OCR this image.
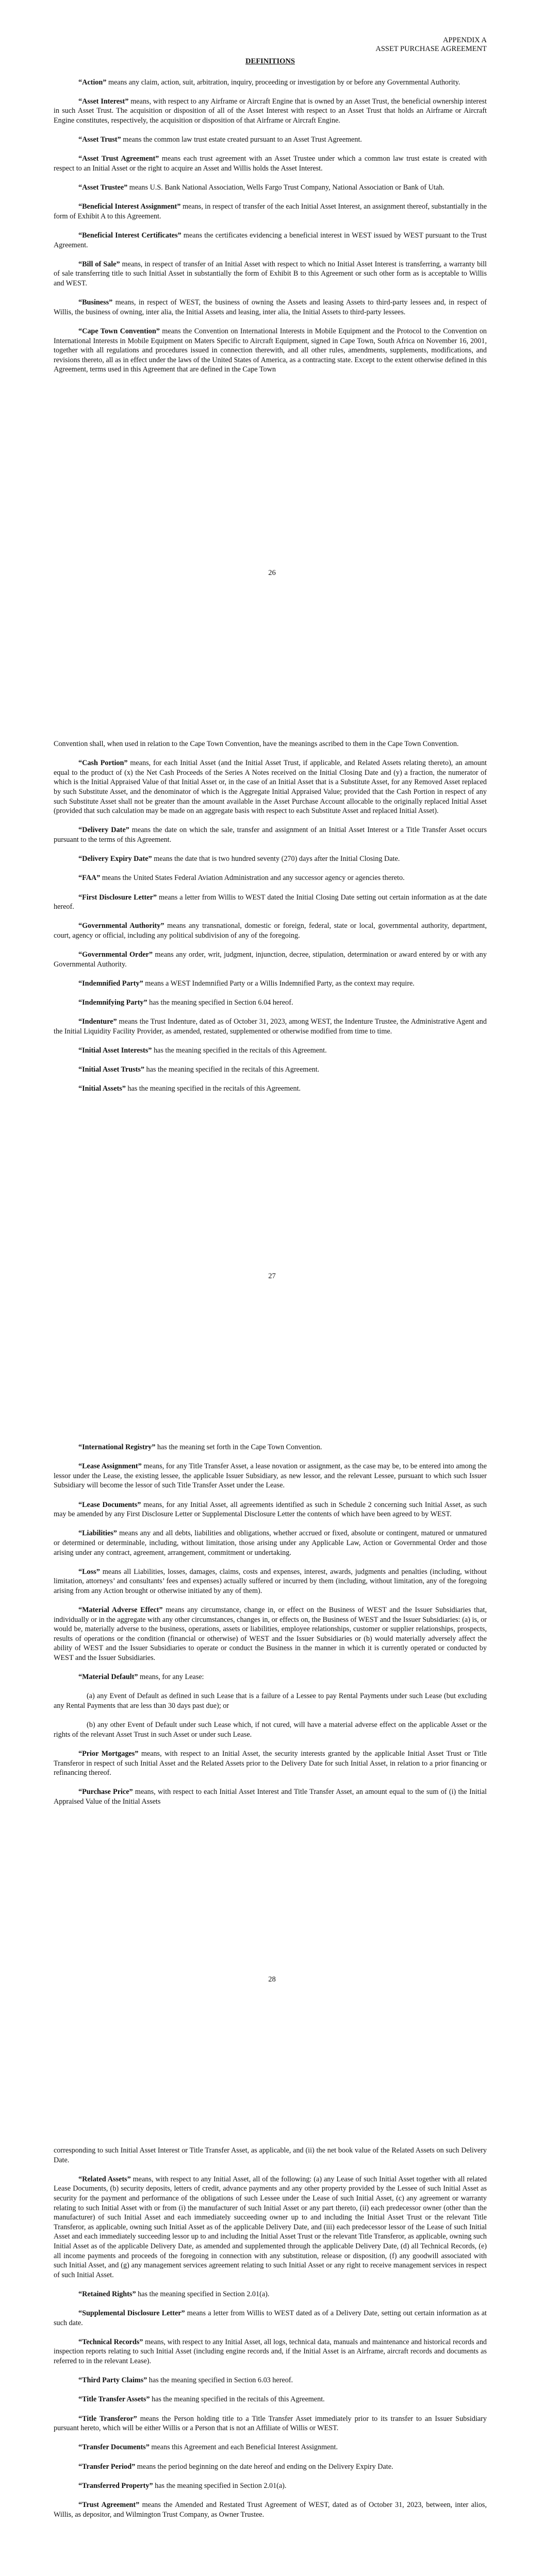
APPENDIX A
ASSET PURCHASE AGREEMENT
DEFINITIONS

“Action” means any claim, action, suit, arbitration, inquiry, proceeding or investigation by or before any Governmental Authority.

“Asset Interest” means, with respect to any Airframe or Aircraft Engine that is owned by an Asset Trust, the beneficial ownership interest in such Asset Trust. The acquisition or disposition of all of the Asset Interest with respect to an Asset Trust that holds an Airframe or Aircraft Engine constitutes, respectively, the acquisition or disposition of that Airframe or Aircraft Engine.

“Asset Trust” means the common law trust estate created pursuant to an Asset Trust Agreement.

“Asset Trust Agreement” means each trust agreement with an Asset Trustee under which a common law trust estate is created with respect to an Initial Asset or the right to acquire an Asset and Willis holds the Asset Interest.

“Asset Trustee” means U.S. Bank National Association, Wells Fargo Trust Company, National Association or Bank of Utah.

“Beneficial Interest Assignment” means, in respect of transfer of the each Initial Asset Interest, an assignment thereof, substantially in the form of Exhibit A to this Agreement.

“Beneficial Interest Certificates” means the certificates evidencing a beneficial interest in WEST issued by WEST pursuant to the Trust Agreement.

“Bill of Sale” means, in respect of transfer of an Initial Asset with respect to which no Initial Asset Interest is transferring, a warranty bill of sale transferring title to such Initial Asset in substantially the form of Exhibit B to this Agreement or such other form as is acceptable to Willis and WEST.

“Business” means, in respect of WEST, the business of owning the Assets and leasing Assets to third-party lessees and, in respect of Willis, the business of owning, inter alia, the Initial Assets and leasing, inter alia, the Initial Assets to third-party lessees.

“Cape Town Convention” means the Convention on International Interests in Mobile Equipment and the Protocol to the Convention on International Interests in Mobile Equipment on Maters Specific to Aircraft Equipment, signed in Cape Town, South Africa on November 16, 2001, together with all regulations and procedures issued in connection therewith, and all other rules, amendments, supplements, modifications, and revisions thereto, all as in effect under the laws of the United States of America, as a contracting state. Except to the extent otherwise defined in this Agreement, terms used in this Agreement that are defined in the Cape Town

26

Convention shall, when used in relation to the Cape Town Convention, have the meanings ascribed to them in the Cape Town Convention.

“Cash Portion” means, for each Initial Asset (and the Initial Asset Trust, if applicable, and Related Assets relating thereto), an amount equal to the product of (x) the Net Cash Proceeds of the Series A Notes received on the Initial Closing Date and (y) a fraction, the numerator of which is the Initial Appraised Value of that Initial Asset or, in the case of an Initial Asset that is a Substitute Asset, for any Removed Asset replaced by such Substitute Asset, and the denominator of which is the Aggregate Initial Appraised Value; provided that the Cash Portion in respect of any such Substitute Asset shall not be greater than the amount available in the Asset Purchase Account allocable to the originally replaced Initial Asset (provided that such calculation may be made on an aggregate basis with respect to each Substitute Asset and replaced Initial Asset).

“Delivery Date” means the date on which the sale, transfer and assignment of an Initial Asset Interest or a Title Transfer Asset occurs pursuant to the terms of this Agreement.

“Delivery Expiry Date” means the date that is two hundred seventy (270) days after the Initial Closing Date.

“FAA” means the United States Federal Aviation Administration and any successor agency or agencies thereto.

“First Disclosure Letter” means a letter from Willis to WEST dated the Initial Closing Date setting out certain information as at the date hereof.

“Governmental Authority” means any transnational, domestic or foreign, federal, state or local, governmental authority, department, court, agency or official, including any political subdivision of any of the foregoing.

“Governmental Order” means any order, writ, judgment, injunction, decree, stipulation, determination or award entered by or with any Governmental Authority.

“Indemnified Party” means a WEST Indemnified Party or a Willis Indemnified Party, as the context may require.

“Indemnifying Party” has the meaning specified in Section 6.04 hereof.

“Indenture” means the Trust Indenture, dated as of October 31, 2023, among WEST, the Indenture Trustee, the Administrative Agent and the Initial Liquidity Facility Provider, as amended, restated, supplemented or otherwise modified from time to time.

“Initial Asset Interests” has the meaning specified in the recitals of this Agreement.

“Initial Asset Trusts” has the meaning specified in the recitals of this Agreement.

“Initial Assets” has the meaning specified in the recitals of this Agreement.

27

“International Registry” has the meaning set forth in the Cape Town Convention.

“Lease Assignment” means, for any Title Transfer Asset, a lease novation or assignment, as the case may be, to be entered into among the lessor under the Lease, the existing lessee, the applicable Issuer Subsidiary, as new lessor, and the relevant Lessee, pursuant to which such Issuer Subsidiary will become the lessor of such Title Transfer Asset under the Lease.

“Lease Documents” means, for any Initial Asset, all agreements identified as such in Schedule 2 concerning such Initial Asset, as such may be amended by any First Disclosure Letter or Supplemental Disclosure Letter the contents of which have been agreed to by WEST.

“Liabilities” means any and all debts, liabilities and obligations, whether accrued or fixed, absolute or contingent, matured or unmatured or determined or determinable, including, without limitation, those arising under any Applicable Law, Action or Governmental Order and those arising under any contract, agreement, arrangement, commitment or undertaking.

“Loss” means all Liabilities, losses, damages, claims, costs and expenses, interest, awards, judgments and penalties (including, without limitation, attorneys’ and consultants’ fees and expenses) actually suffered or incurred by them (including, without limitation, any of the foregoing arising from any Action brought or otherwise initiated by any of them).

“Material Adverse Effect” means any circumstance, change in, or effect on the Business of WEST and the Issuer Subsidiaries that, individually or in the aggregate with any other circumstances, changes in, or effects on, the Business of WEST and the Issuer Subsidiaries: (a) is, or would be, materially adverse to the business, operations, assets or liabilities, employee relationships, customer or supplier relationships, prospects, results of operations or the condition (financial or otherwise) of WEST and the Issuer Subsidiaries or (b) would materially adversely affect the ability of WEST and the Issuer Subsidiaries to operate or conduct the Business in the manner in which it is currently operated or conducted by WEST and the Issuer Subsidiaries.

“Material Default” means, for any Lease:

(a) any Event of Default as defined in such Lease that is a failure of a Lessee to pay Rental Payments under such Lease (but excluding any Rental Payments that are less than 30 days past due); or

(b) any other Event of Default under such Lease which, if not cured, will have a material adverse effect on the applicable Asset or the rights of the relevant Asset Trust in such Asset or under such Lease.

“Prior Mortgages” means, with respect to an Initial Asset, the security interests granted by the applicable Initial Asset Trust or Title Transferor in respect of such Initial Asset and the Related Assets prior to the Delivery Date for such Initial Asset, in relation to a prior financing or refinancing thereof.

“Purchase Price” means, with respect to each Initial Asset Interest and Title Transfer Asset, an amount equal to the sum of (i) the Initial Appraised Value of the Initial Assets

28

corresponding to such Initial Asset Interest or Title Transfer Asset, as applicable, and (ii) the net book value of the Related Assets on such Delivery Date.

“Related Assets” means, with respect to any Initial Asset, all of the following: (a) any Lease of such Initial Asset together with all related Lease Documents, (b) security deposits, letters of credit, advance payments and any other property provided by the Lessee of such Initial Asset as security for the payment and performance of the obligations of such Lessee under the Lease of such Initial Asset, (c) any agreement or warranty relating to such Initial Asset with or from (i) the manufacturer of such Initial Asset or any part thereto, (ii) each predecessor owner (other than the manufacturer) of such Initial Asset and each immediately succeeding owner up to and including the Initial Asset Trust or the relevant Title Transferor, as applicable, owning such Initial Asset as of the applicable Delivery Date, and (iii) each predecessor lessor of the Lease of such Initial Asset and each immediately succeeding lessor up to and including the Initial Asset Trust or the relevant Title Transferor, as applicable, owning such Initial Asset as of the applicable Delivery Date, as amended and supplemented through the applicable Delivery Date, (d) all Technical Records, (e) all income payments and proceeds of the foregoing in connection with any substitution, release or disposition, (f) any goodwill associated with such Initial Asset, and (g) any management services agreement relating to such Initial Asset or any right to receive management services in respect of such Initial Asset.

“Retained Rights” has the meaning specified in Section 2.01(a).

“Supplemental Disclosure Letter” means a letter from Willis to WEST dated as of a Delivery Date, setting out certain information as at such date.

“Technical Records” means, with respect to any Initial Asset, all logs, technical data, manuals and maintenance and historical records and inspection reports relating to such Initial Asset (including engine records and, if the Initial Asset is an Airframe, aircraft records and documents as referred to in the relevant Lease).

“Third Party Claims” has the meaning specified in Section 6.03 hereof.

“Title Transfer Assets” has the meaning specified in the recitals of this Agreement.

“Title Transferor” means the Person holding title to a Title Transfer Asset immediately prior to its transfer to an Issuer Subsidiary pursuant hereto, which will be either Willis or a Person that is not an Affiliate of Willis or WEST.

“Transfer Documents” means this Agreement and each Beneficial Interest Assignment.

“Transfer Period” means the period beginning on the date hereof and ending on the Delivery Expiry Date.

“Transferred Property” has the meaning specified in Section 2.01(a).

“Trust Agreement” means the Amended and Restated Trust Agreement of WEST, dated as of October 31, 2023, between, inter alios, Willis, as depositor, and Wilmington Trust Company, as Owner Trustee.
